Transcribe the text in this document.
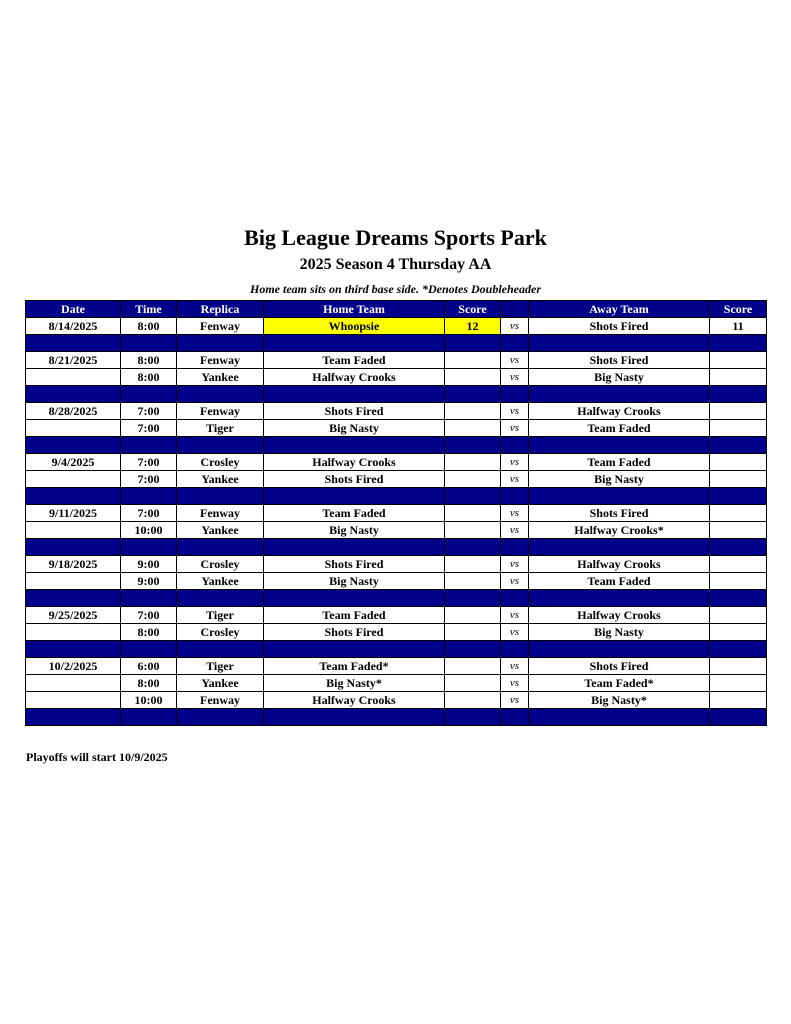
Big League Dreams Sports Park
2025 Season 4 Thursday AA
Home team sits on third base side. *Denotes Doubleheader
Date	Time	Replica	Home Team	Score		Away Team	Score
8/14/2025	8:00	Fenway	Whoopsie	12	vs	Shots Fired	11

8/21/2025	8:00	Fenway	Team Faded		vs	Shots Fired	
	8:00	Yankee	Halfway Crooks		vs	Big Nasty	

8/28/2025	7:00	Fenway	Shots Fired		vs	Halfway Crooks	
	7:00	Tiger	Big Nasty		vs	Team Faded	

9/4/2025	7:00	Crosley	Halfway Crooks		vs	Team Faded	
	7:00	Yankee	Shots Fired		vs	Big Nasty	

9/11/2025	7:00	Fenway	Team Faded		vs	Shots Fired	
	10:00	Yankee	Big Nasty		vs	Halfway Crooks*	

9/18/2025	9:00	Crosley	Shots Fired		vs	Halfway Crooks	
	9:00	Yankee	Big Nasty		vs	Team Faded	

9/25/2025	7:00	Tiger	Team Faded		vs	Halfway Crooks	
	8:00	Crosley	Shots Fired		vs	Big Nasty	

10/2/2025	6:00	Tiger	Team Faded*		vs	Shots Fired	
	8:00	Yankee	Big Nasty*		vs	Team Faded*	
	10:00	Fenway	Halfway Crooks		vs	Big Nasty*	

Playoffs will start 10/9/2025
